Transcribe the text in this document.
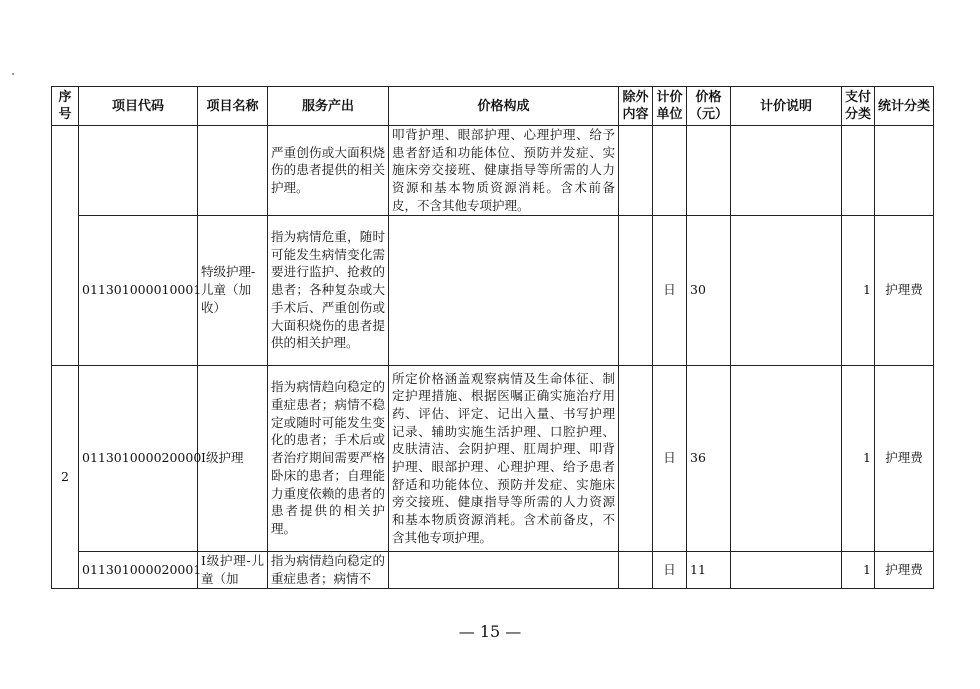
序号	项目代码	项目名称	服务产出	价格构成	除外内容	计价单位	价格（元）	计价说明	支付分类	统计分类
			严重创伤或大面积烧伤的患者提供的相关护理。	叩背护理、眼部护理、心理护理、给予患者舒适和功能体位、预防并发症、实施床旁交接班、健康指导等所需的人力资源和基本物质资源消耗。含术前备皮，不含其他专项护理。						
	011301000010001	特级护理-儿童（加收）	指为病情危重，随时可能发生病情变化需要进行监护、抢救的患者；各种复杂或大手术后、严重创伤或大面积烧伤的患者提供的相关护理。			日	30		1	护理费
2	011301000020000	Ⅰ级护理	指为病情趋向稳定的重症患者；病情不稳定或随时可能发生变化的患者；手术后或者治疗期间需要严格卧床的患者；自理能力重度依赖的患者的患者提供的相关护理。	所定价格涵盖观察病情及生命体征、制定护理措施、根据医嘱正确实施治疗用药、评估、评定、记出入量、书写护理记录、辅助实施生活护理、口腔护理、皮肤清洁、会阴护理、肛周护理、叩背护理、眼部护理、心理护理、给予患者舒适和功能体位、预防并发症、实施床旁交接班、健康指导等所需的人力资源和基本物质资源消耗。含术前备皮，不含其他专项护理。		日	36		1	护理费
	011301000020001	Ⅰ级护理-儿童（加	指为病情趋向稳定的重症患者；病情不			日	11		1	护理费
— 15 —
